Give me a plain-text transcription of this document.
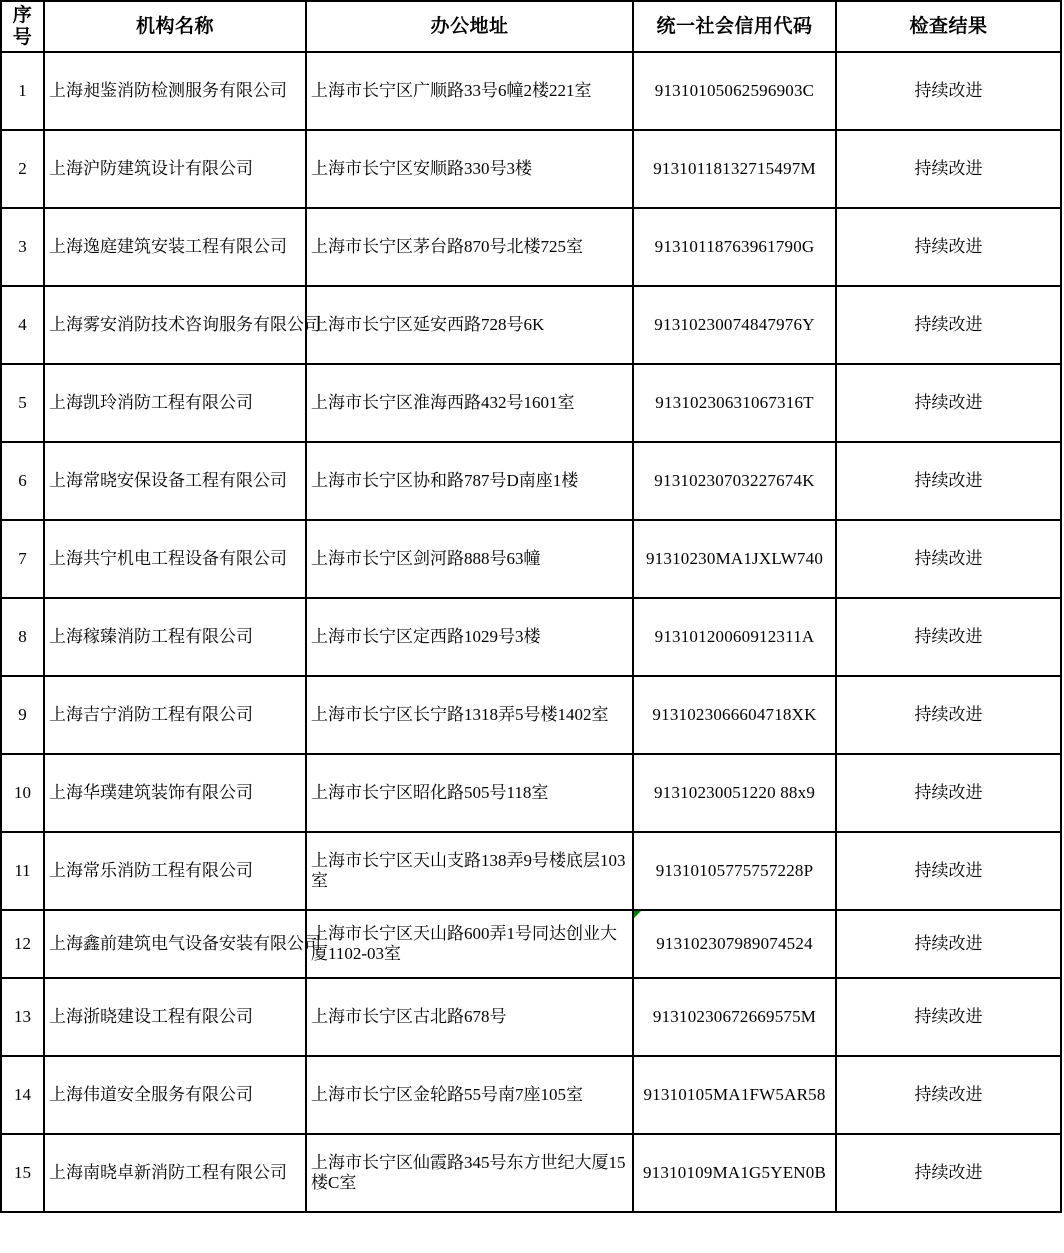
序号	机构名称	办公地址	统一社会信用代码	检查结果
1	上海昶鉴消防检测服务有限公司	上海市长宁区广顺路33号6幢2楼221室	91310105062596903C	持续改进
2	上海沪防建筑设计有限公司	上海市长宁区安顺路330号3楼	91310118132715497M	持续改进
3	上海逸庭建筑安装工程有限公司	上海市长宁区茅台路870号北楼725室	91310118763961790G	持续改进
4	上海雾安消防技术咨询服务有限公司	上海市长宁区延安西路728号6K	91310230074847976Y	持续改进
5	上海凯玲消防工程有限公司	上海市长宁区淮海西路432号1601室	91310230631067316T	持续改进
6	上海常晓安保设备工程有限公司	上海市长宁区协和路787号D南座1楼	91310230703227674K	持续改进
7	上海共宁机电工程设备有限公司	上海市长宁区剑河路888号63幢	91310230MA1JXLW740	持续改进
8	上海稼臻消防工程有限公司	上海市长宁区定西路1029号3楼	91310120060912311A	持续改进
9	上海吉宁消防工程有限公司	上海市长宁区长宁路1318弄5号楼1402室	9131023066604718XK	持续改进
10	上海华璞建筑装饰有限公司	上海市长宁区昭化路505号118室	91310230051220 88x9	持续改进
11	上海常乐消防工程有限公司	上海市长宁区天山支路138弄9号楼底层103室	91310105775757228P	持续改进
12	上海鑫前建筑电气设备安装有限公司	上海市长宁区天山路600弄1号同达创业大厦1102-03室	913102307989074524	持续改进
13	上海浙晓建设工程有限公司	上海市长宁区古北路678号	91310230672669575M	持续改进
14	上海伟道安全服务有限公司	上海市长宁区金轮路55号南7座105室	91310105MA1FW5AR58	持续改进
15	上海南晓卓新消防工程有限公司	上海市长宁区仙霞路345号东方世纪大厦15楼C室	91310109MA1G5YEN0B	持续改进
